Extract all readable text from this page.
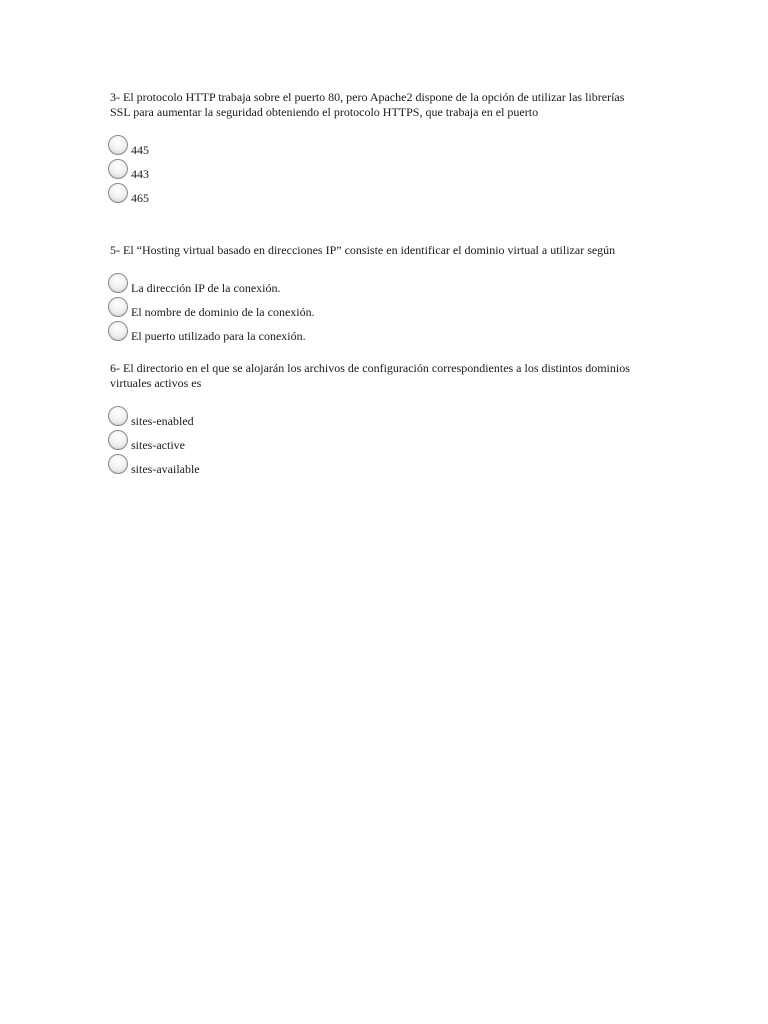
3- El protocolo HTTP trabaja sobre el puerto 80, pero Apache2 dispone de la opción de utilizar las librerías SSL para aumentar la seguridad obteniendo el protocolo HTTPS, que trabaja en el puerto

445
443
465

5- El “Hosting virtual basado en direcciones IP” consiste en identificar el dominio virtual a utilizar según

La dirección IP de la conexión.
El nombre de dominio de la conexión.
El puerto utilizado para la conexión.

6- El directorio en el que se alojarán los archivos de configuración correspondientes a los distintos dominios virtuales activos es

sites-enabled
sites-active
sites-available
